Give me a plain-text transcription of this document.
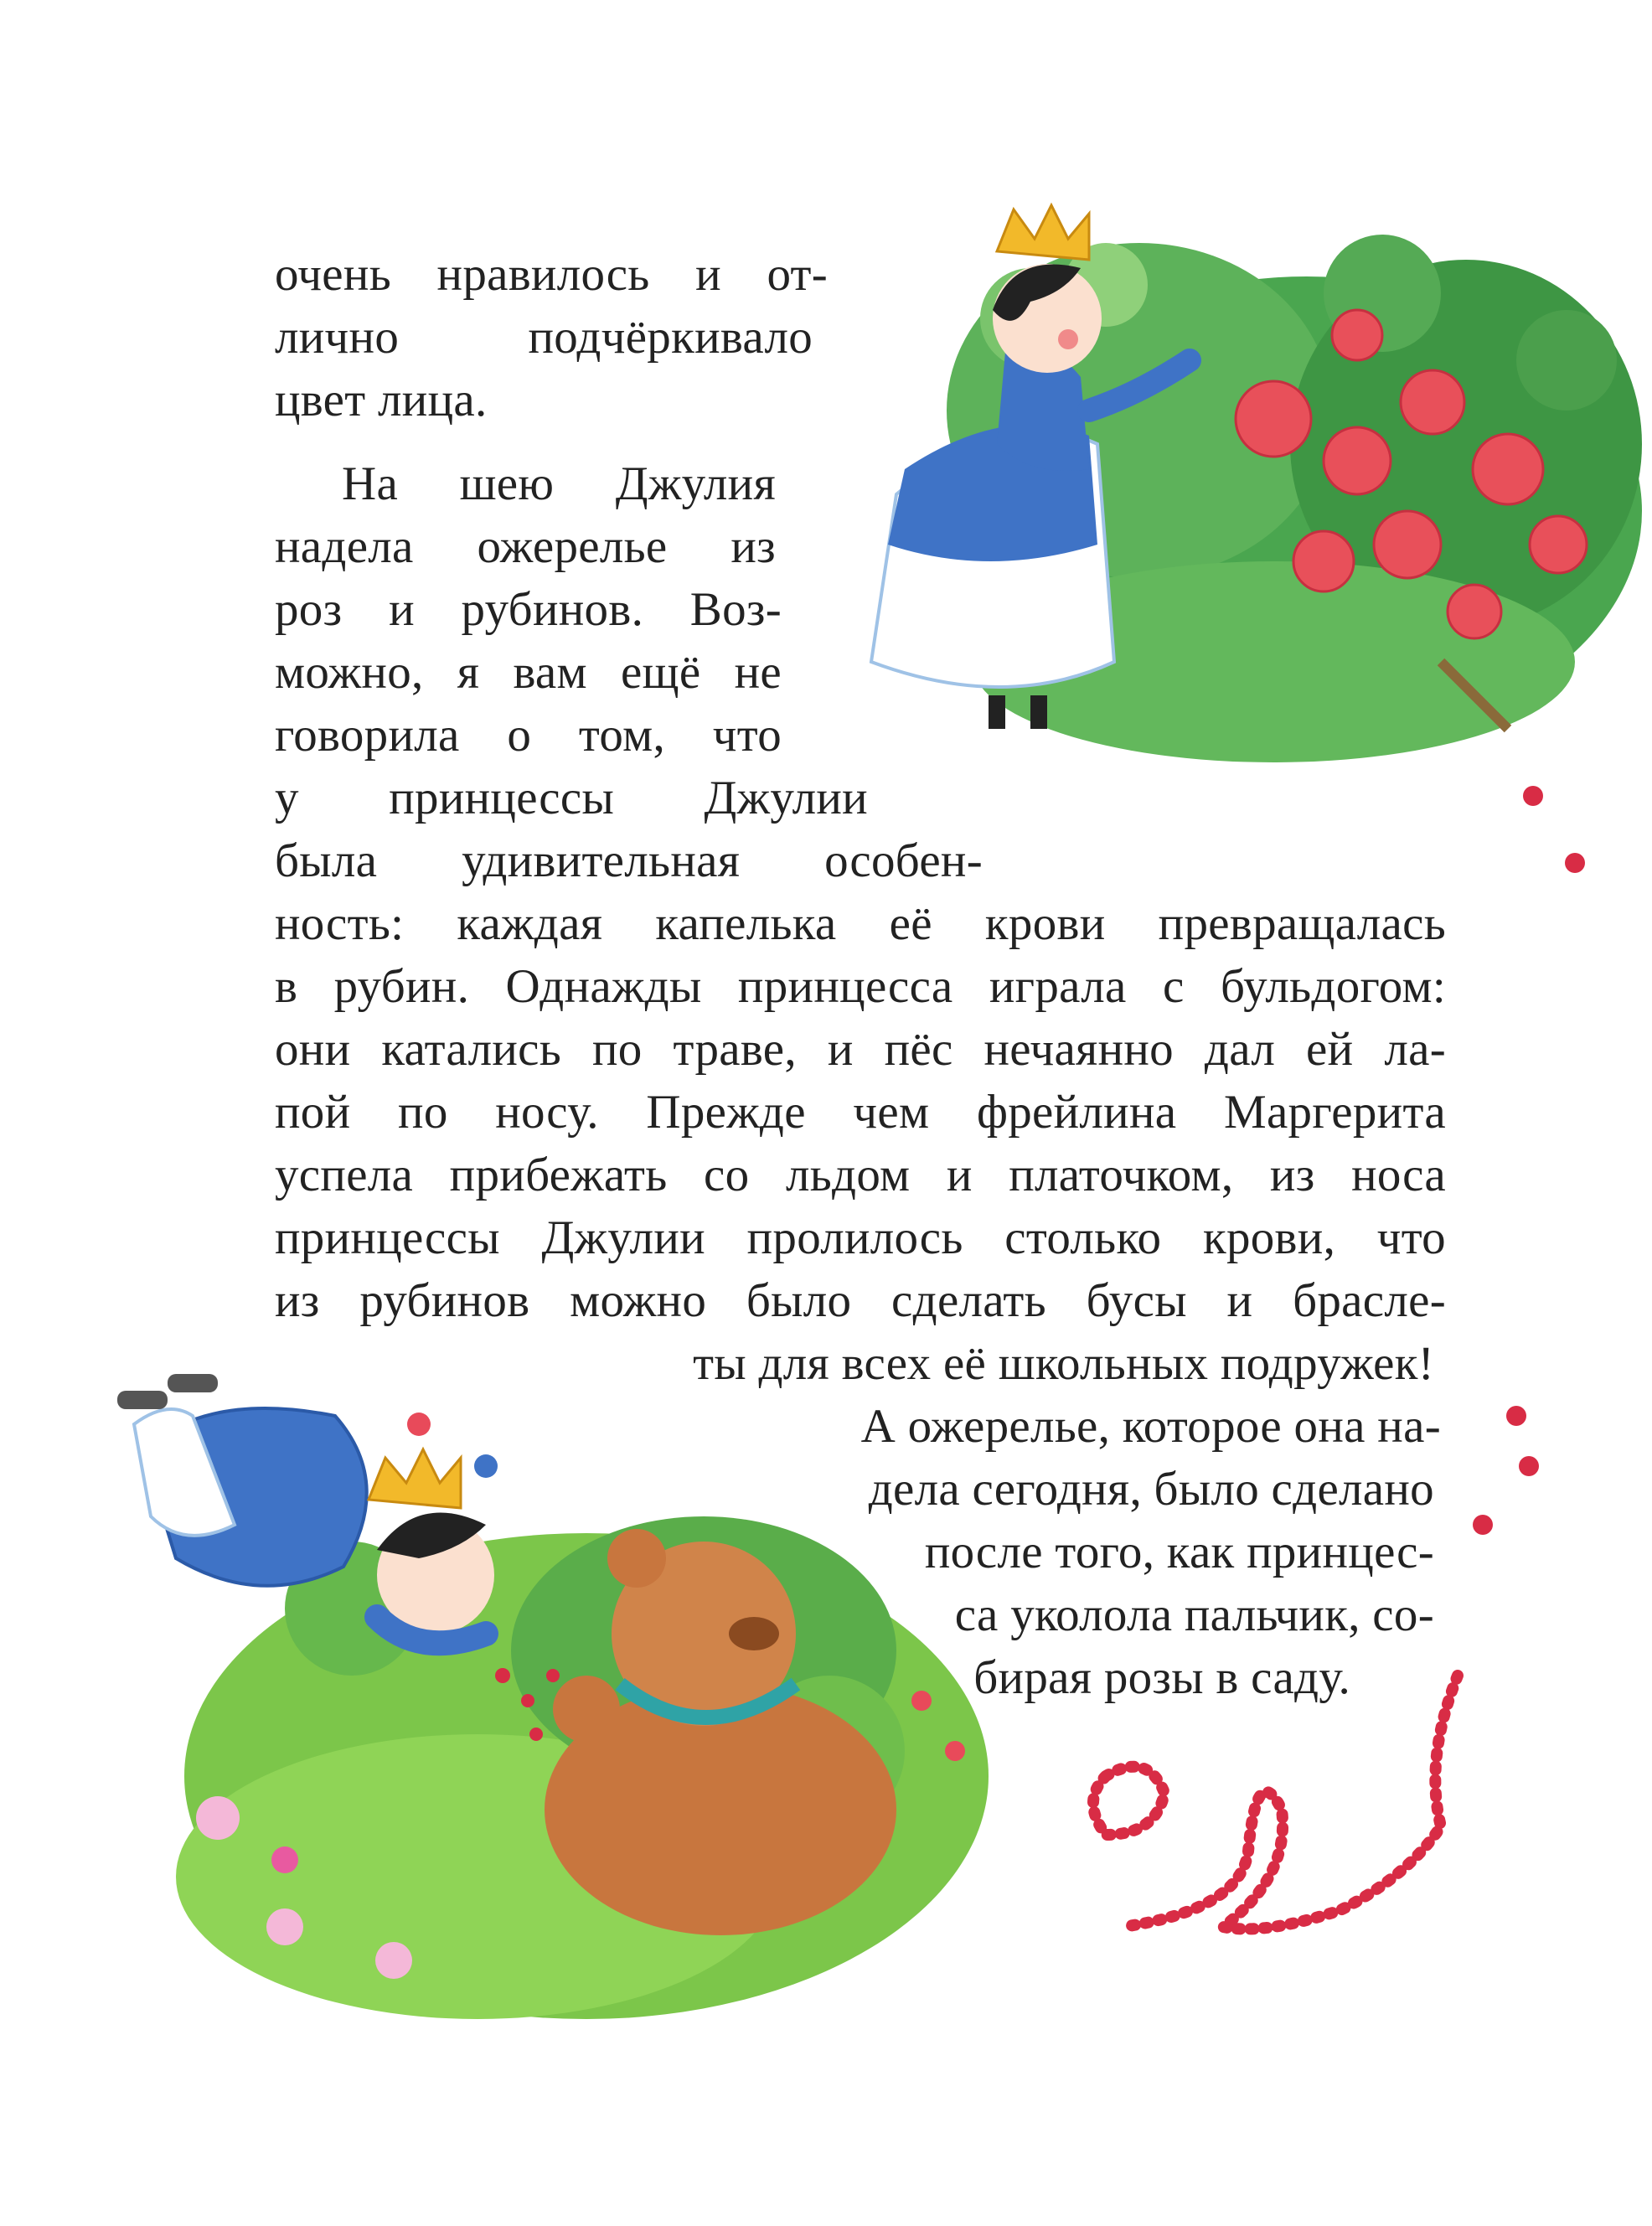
очень нравилось и от-
лично подчёркивало
цвет лица.
На шею Джулия
надела ожерелье из
роз и рубинов. Воз-
можно, я вам ещё не
говорила о том, что
у принцессы Джулии
была удивительная особен-
ность: каждая капелька её крови превращалась
в рубин. Однажды принцесса играла с бульдогом:
они катались по траве, и пёс нечаянно дал ей ла-
пой по носу. Прежде чем фрейлина Маргерита
успела прибежать со льдом и платочком, из носа
принцессы Джулии пролилось столько крови, что
из рубинов можно было сделать бусы и брасле-
ты для всех её школьных подружек!
А ожерелье, которое она на-
дела сегодня, было сделано
после того, как принцес-
са уколола пальчик, со-
бирая розы в саду.
